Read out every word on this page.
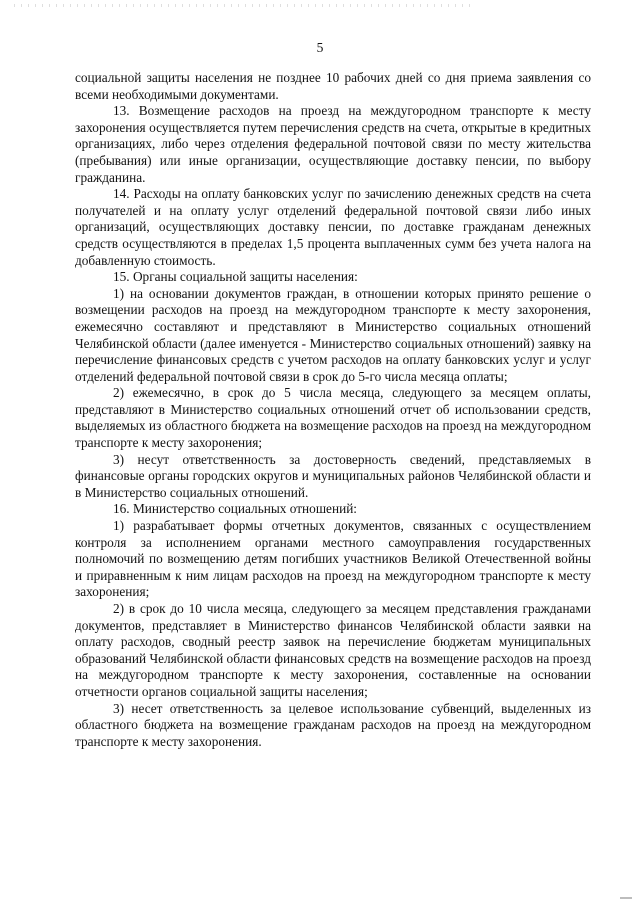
5

социальной защиты населения не позднее 10 рабочих дней со дня приема заявления со всеми необходимыми документами.

13. Возмещение расходов на проезд на междугородном транспорте к месту захоронения осуществляется путем перечисления средств на счета, открытые в кредитных организациях, либо через отделения федеральной почтовой связи по месту жительства (пребывания) или иные организации, осуществляющие доставку пенсии, по выбору гражданина.

14. Расходы на оплату банковских услуг по зачислению денежных средств на счета получателей и на оплату услуг отделений федеральной почтовой связи либо иных организаций, осуществляющих доставку пенсии, по доставке гражданам денежных средств осуществляются в пределах 1,5 процента выплаченных сумм без учета налога на добавленную стоимость.

15. Органы социальной защиты населения:

1) на основании документов граждан, в отношении которых принято решение о возмещении расходов на проезд на междугородном транспорте к месту захоронения, ежемесячно составляют и представляют в Министерство социальных отношений Челябинской области (далее именуется - Министерство социальных отношений) заявку на перечисление финансовых средств с учетом расходов на оплату банковских услуг и услуг отделений федеральной почтовой связи в срок до 5-го числа месяца оплаты;

2) ежемесячно, в срок до 5 числа месяца, следующего за месяцем оплаты, представляют в Министерство социальных отношений отчет об использовании средств, выделяемых из областного бюджета на возмещение расходов на проезд на междугородном транспорте к месту захоронения;

3) несут ответственность за достоверность сведений, представляемых в финансовые органы городских округов и муниципальных районов Челябинской области и в Министерство социальных отношений.

16. Министерство социальных отношений:

1) разрабатывает формы отчетных документов, связанных с осуществлением контроля за исполнением органами местного самоуправления государственных полномочий по возмещению детям погибших участников Великой Отечественной войны и приравненным к ним лицам расходов на проезд на междугородном транспорте к месту захоронения;

2) в срок до 10 числа месяца, следующего за месяцем представления гражданами документов, представляет в Министерство финансов Челябинской области заявки на оплату расходов, сводный реестр заявок на перечисление бюджетам муниципальных образований Челябинской области финансовых средств на возмещение расходов на проезд на междугородном транспорте к месту захоронения, составленные на основании отчетности органов социальной защиты населения;

3) несет ответственность за целевое использование субвенций, выделенных из областного бюджета на возмещение гражданам расходов на проезд на междугородном транспорте к месту захоронения.
